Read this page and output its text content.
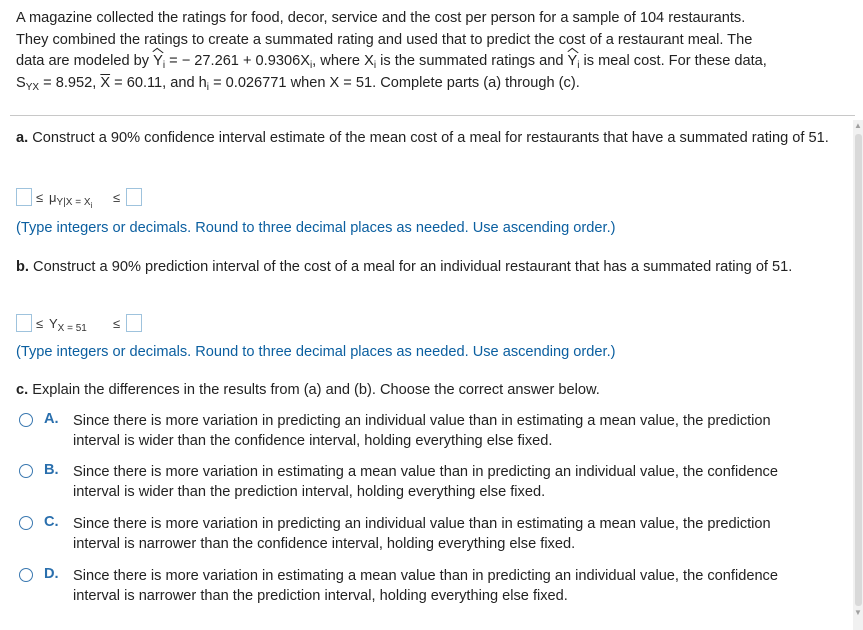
A magazine collected the ratings for food, decor, service and the cost per person for a sample of 104 restaurants.
They combined the ratings to create a summated rating and used that to predict the cost of a restaurant meal. The
data are modeled by $Y_i$ = − $27.261 + 0.9306X_i$, where $X_i$ is the summated ratings and $Y_i$ is meal cost. For these data,
$S_{YX} = 8.952$, $\overline{X} = 60.11$, and $h_i = 0.026771$ when X = 51. Complete parts (a) through (c).
▲
▼
a. Construct a 90% confidence interval estimate of the mean cost of a meal for restaurants that have a summated rating of 51.
≤ $\mu_{Y|X = Xi}$
≤
(Type integers or decimals. Round to three decimal places as needed. Use ascending order.)
b. Construct a 90% prediction interval of the cost of a meal for an individual restaurant that has a summated rating of 51.
≤ $Y_{X = 51}$ ≤
(Type integers or decimals. Round to three decimal places as needed. Use ascending order.)
c. Explain the differences in the results from (a) and (b). Choose the correct answer below.
A. Since there is more variation in predicting an individual value than in estimating a mean value, the prediction interval is wider than the confidence interval, holding everything else fixed.
B. Since there is more variation in estimating a mean value than in predicting an individual value, the confidence interval is wider than the prediction interval, holding everything else fixed.
C. Since there is more variation in predicting an individual value than in estimating a mean value, the prediction interval is narrower than the confidence interval, holding everything else fixed.
D. Since there is more variation in estimating a mean value than in predicting an individual value, the confidence interval is narrower than the prediction interval, holding everything else fixed.
